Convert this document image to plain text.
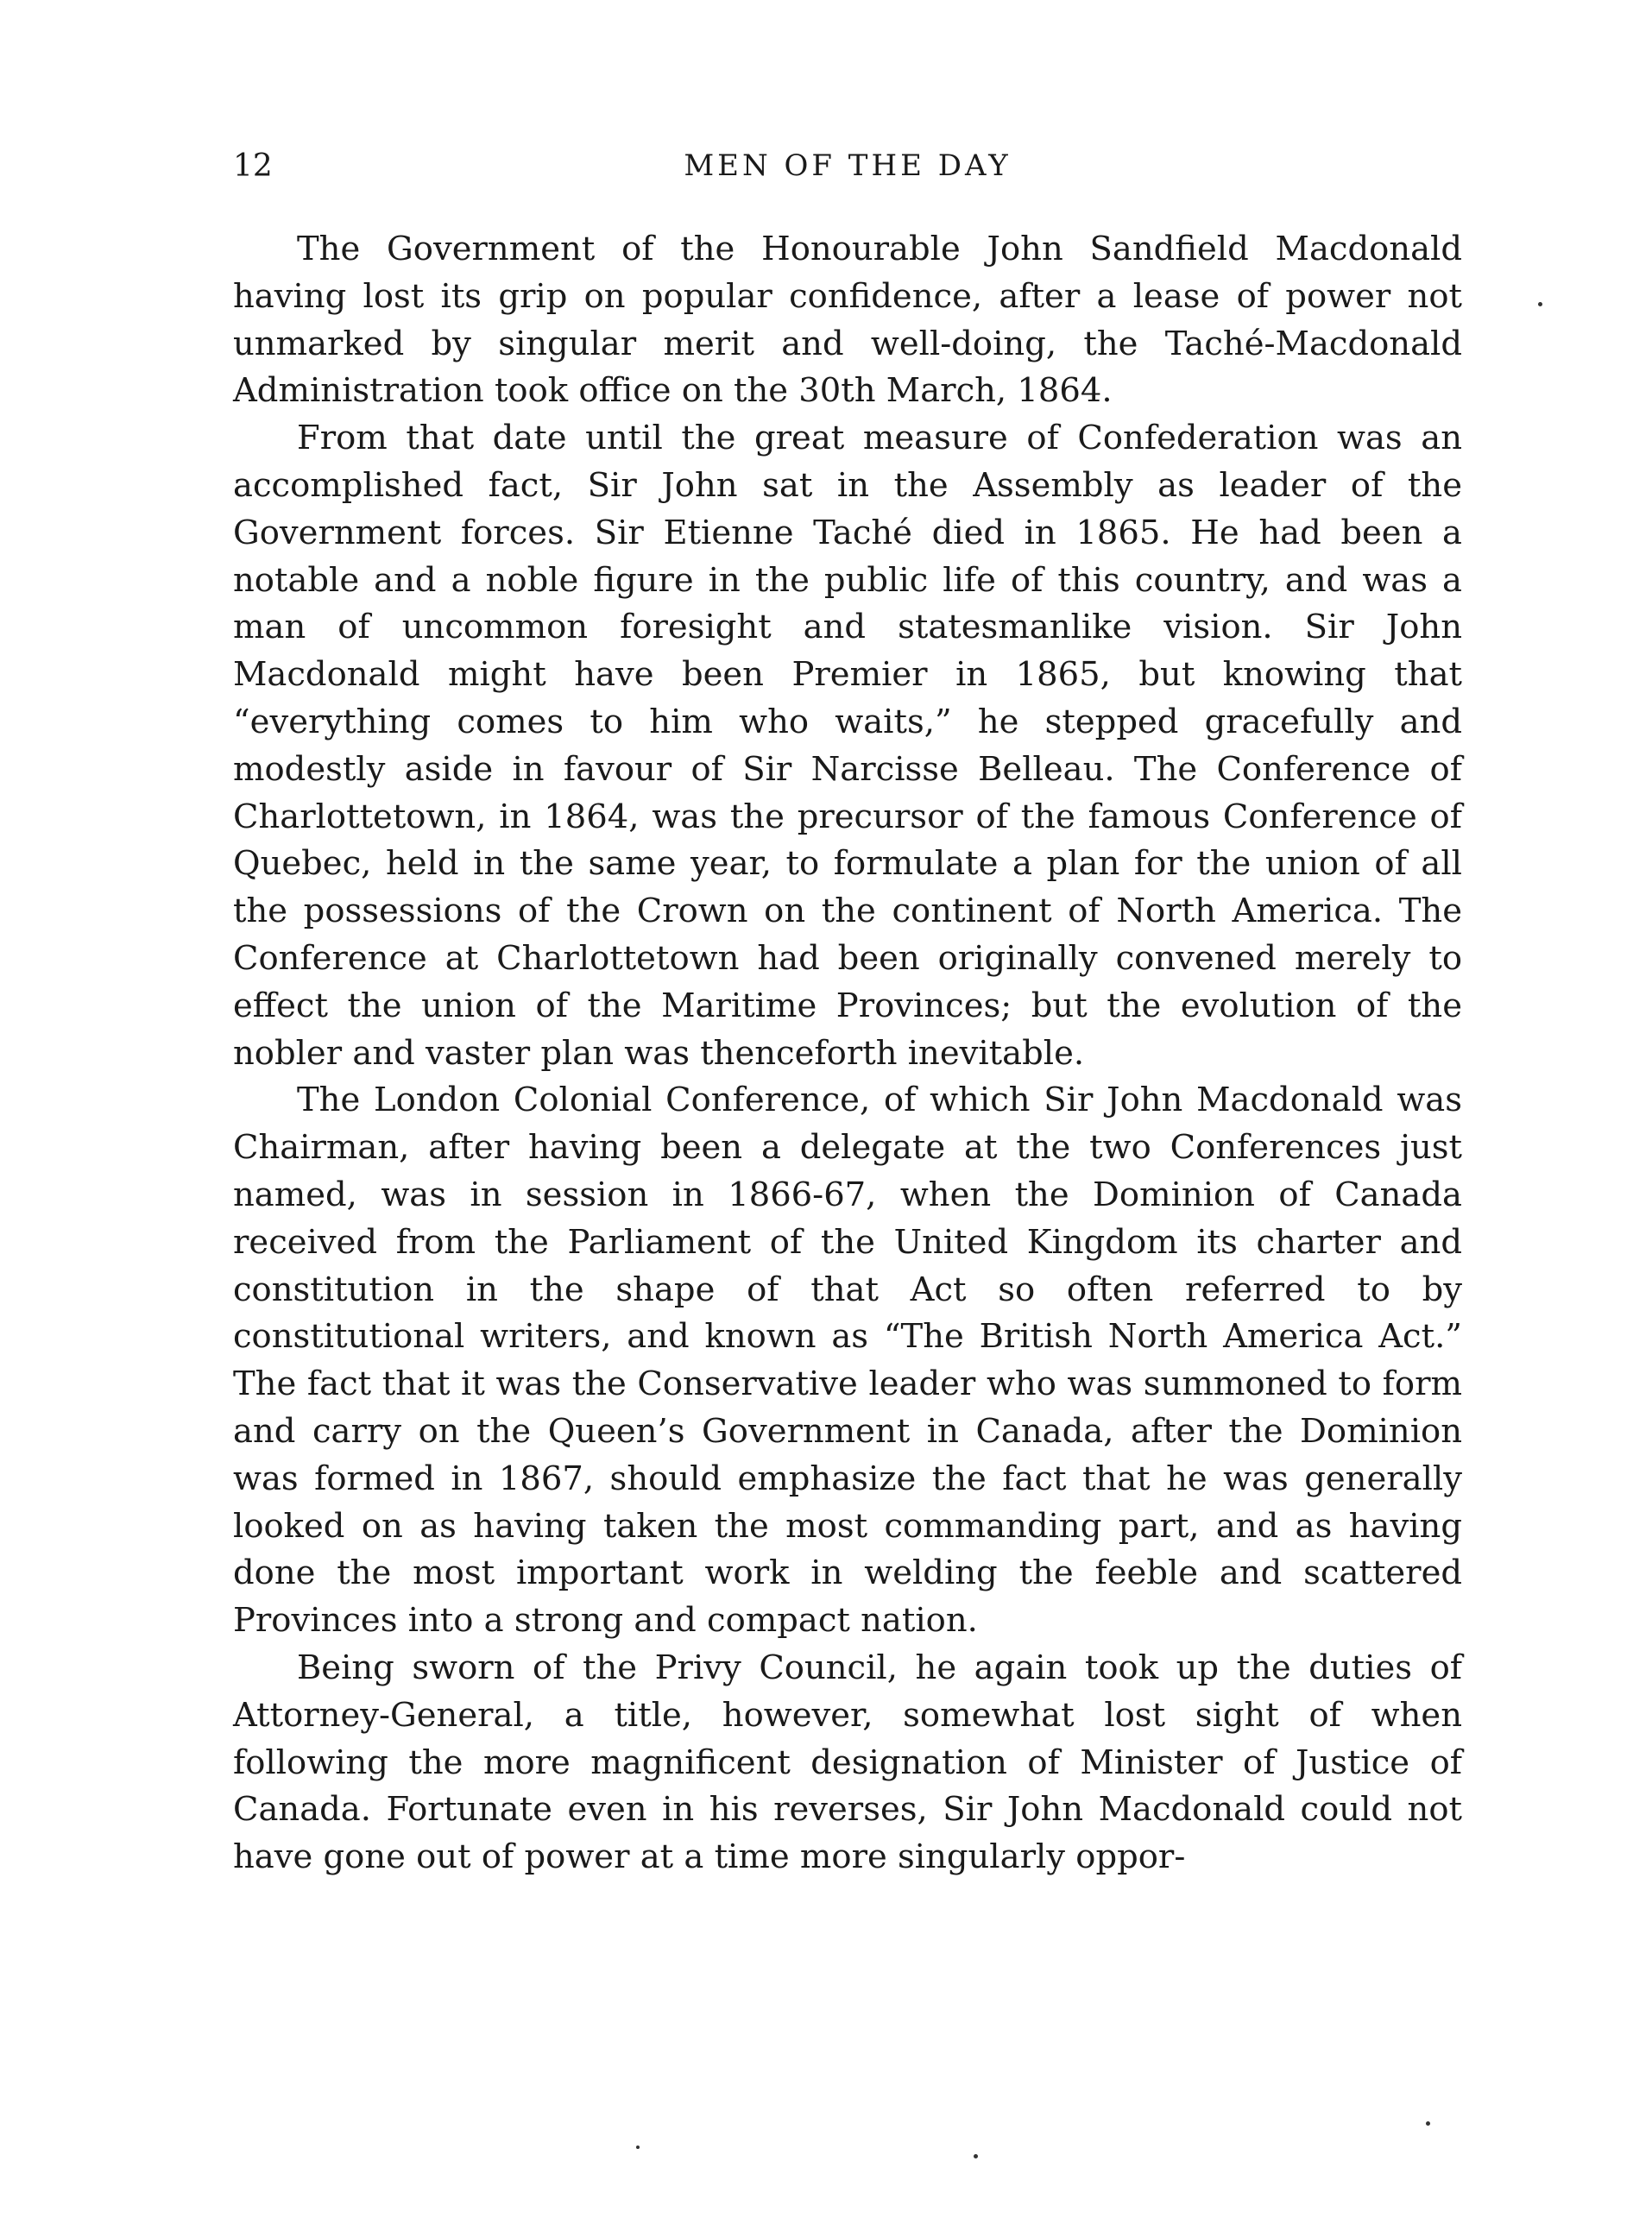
12	MEN OF THE DAY

The Government of the Honourable John Sandfield Macdonald having lost its grip on popular confidence, after a lease of power not unmarked by singular merit and well-doing, the Taché-Macdonald Administration took office on the 30th March, 1864.

From that date until the great measure of Confederation was an accomplished fact, Sir John sat in the Assembly as leader of the Government forces. Sir Etienne Taché died in 1865. He had been a notable and a noble figure in the public life of this country, and was a man of uncommon foresight and statesmanlike vision. Sir John Macdonald might have been Premier in 1865, but knowing that “everything comes to him who waits,” he stepped gracefully and modestly aside in favour of Sir Narcisse Belleau. The Conference of Charlottetown, in 1864, was the precursor of the famous Conference of Quebec, held in the same year, to formulate a plan for the union of all the possessions of the Crown on the continent of North America. The Conference at Charlottetown had been originally convened merely to effect the union of the Maritime Provinces; but the evolution of the nobler and vaster plan was thenceforth inevitable.

The London Colonial Conference, of which Sir John Macdonald was Chairman, after having been a delegate at the two Conferences just named, was in session in 1866-67, when the Dominion of Canada received from the Parliament of the United Kingdom its charter and constitution in the shape of that Act so often referred to by constitutional writers, and known as “The British North America Act.” The fact that it was the Conservative leader who was summoned to form and carry on the Queen’s Government in Canada, after the Dominion was formed in 1867, should emphasize the fact that he was generally looked on as having taken the most commanding part, and as having done the most important work in welding the feeble and scattered Provinces into a strong and compact nation.

Being sworn of the Privy Council, he again took up the duties of Attorney-General, a title, however, somewhat lost sight of when following the more magnificent designation of Minister of Justice of Canada. Fortunate even in his reverses, Sir John Macdonald could not have gone out of power at a time more singularly oppor-
